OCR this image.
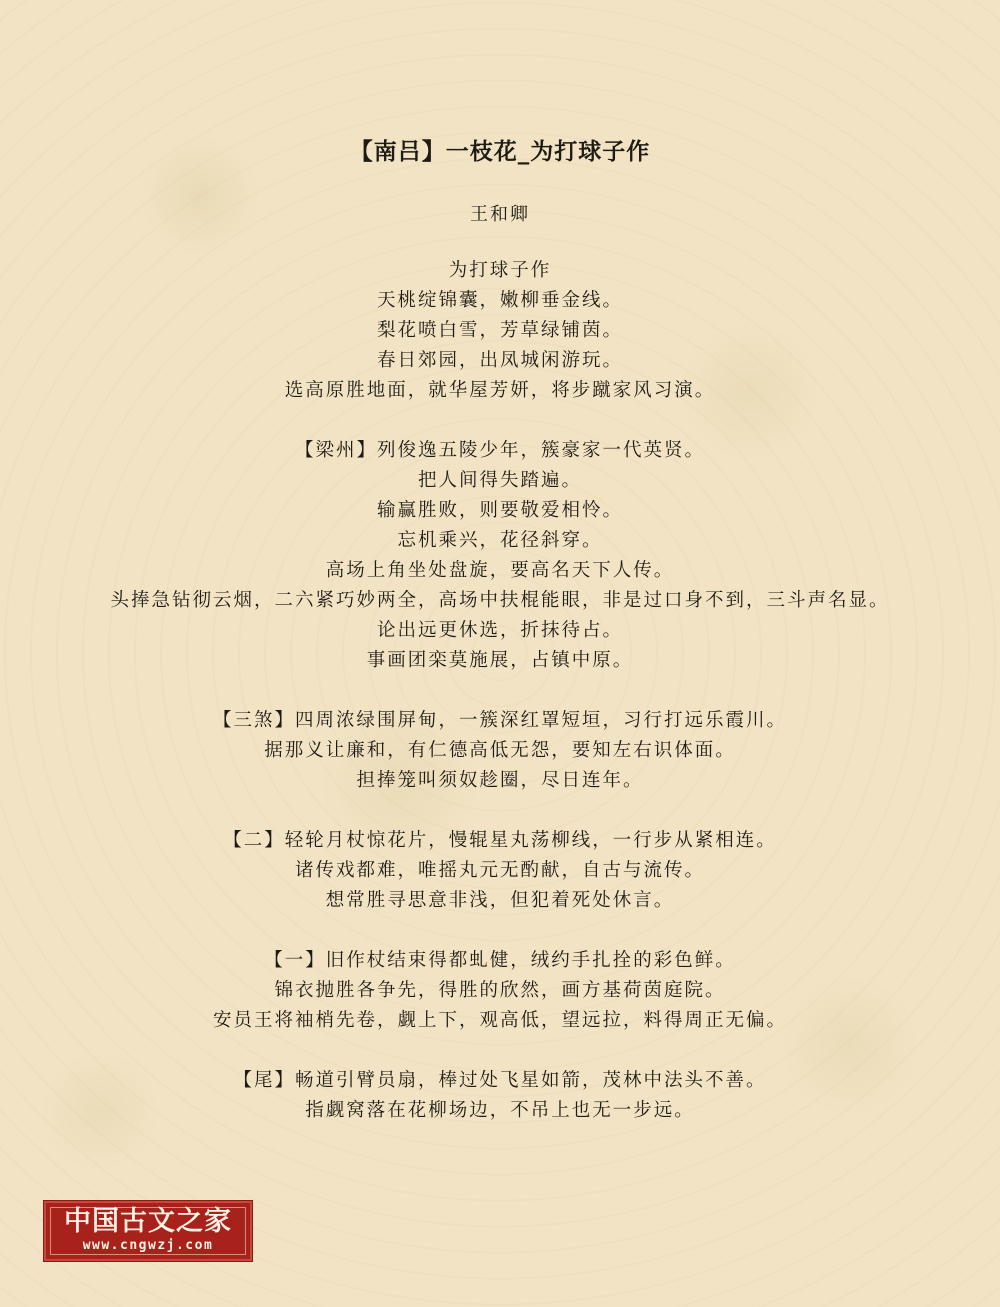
【南吕】一枝花_为打球子作
王和卿
为打球子作
天桃绽锦囊，嫩柳垂金线。
梨花喷白雪，芳草绿铺茵。
春日郊园，出凤城闲游玩。
选高原胜地面，就华屋芳妍，将步蹴家风习演。
【梁州】列俊逸五陵少年，簇豪家一代英贤。
把人间得失踏遍。
输赢胜败，则要敬爱相怜。
忘机乘兴，花径斜穿。
高场上角坐处盘旋，要高名天下人传。
头捧急钻彻云烟，二六紧巧妙两全，高场中扶棍能眼，非是过口身不到，三斗声名显。
论出远更休选，折抹待占。
事画团栾莫施展，占镇中原。
【三煞】四周浓绿围屏甸，一簇深红罩短垣，习行打远乐霞川。
据那义让廉和，有仁德高低无怨，要知左右识体面。
担捧笼叫须奴趁圈，尽日连年。
【二】轻轮月杖惊花片，慢辊星丸荡柳线，一行步从紧相连。
诸传戏都难，唯摇丸元无酌献，自古与流传。
想常胜寻思意非浅，但犯着死处休言。
【一】旧作杖结束得都虬健，绒约手扎拴的彩色鲜。
锦衣抛胜各争先，得胜的欣然，画方基荷茵庭院。
安员王将袖梢先卷，觑上下，观高低，望远拉，料得周正无偏。
【尾】畅道引臂员扇，棒过处飞星如箭，茂林中法头不善。
指觑窝落在花柳场边，不吊上也无一步远。
中国古文之家
www.cngwzj.com
